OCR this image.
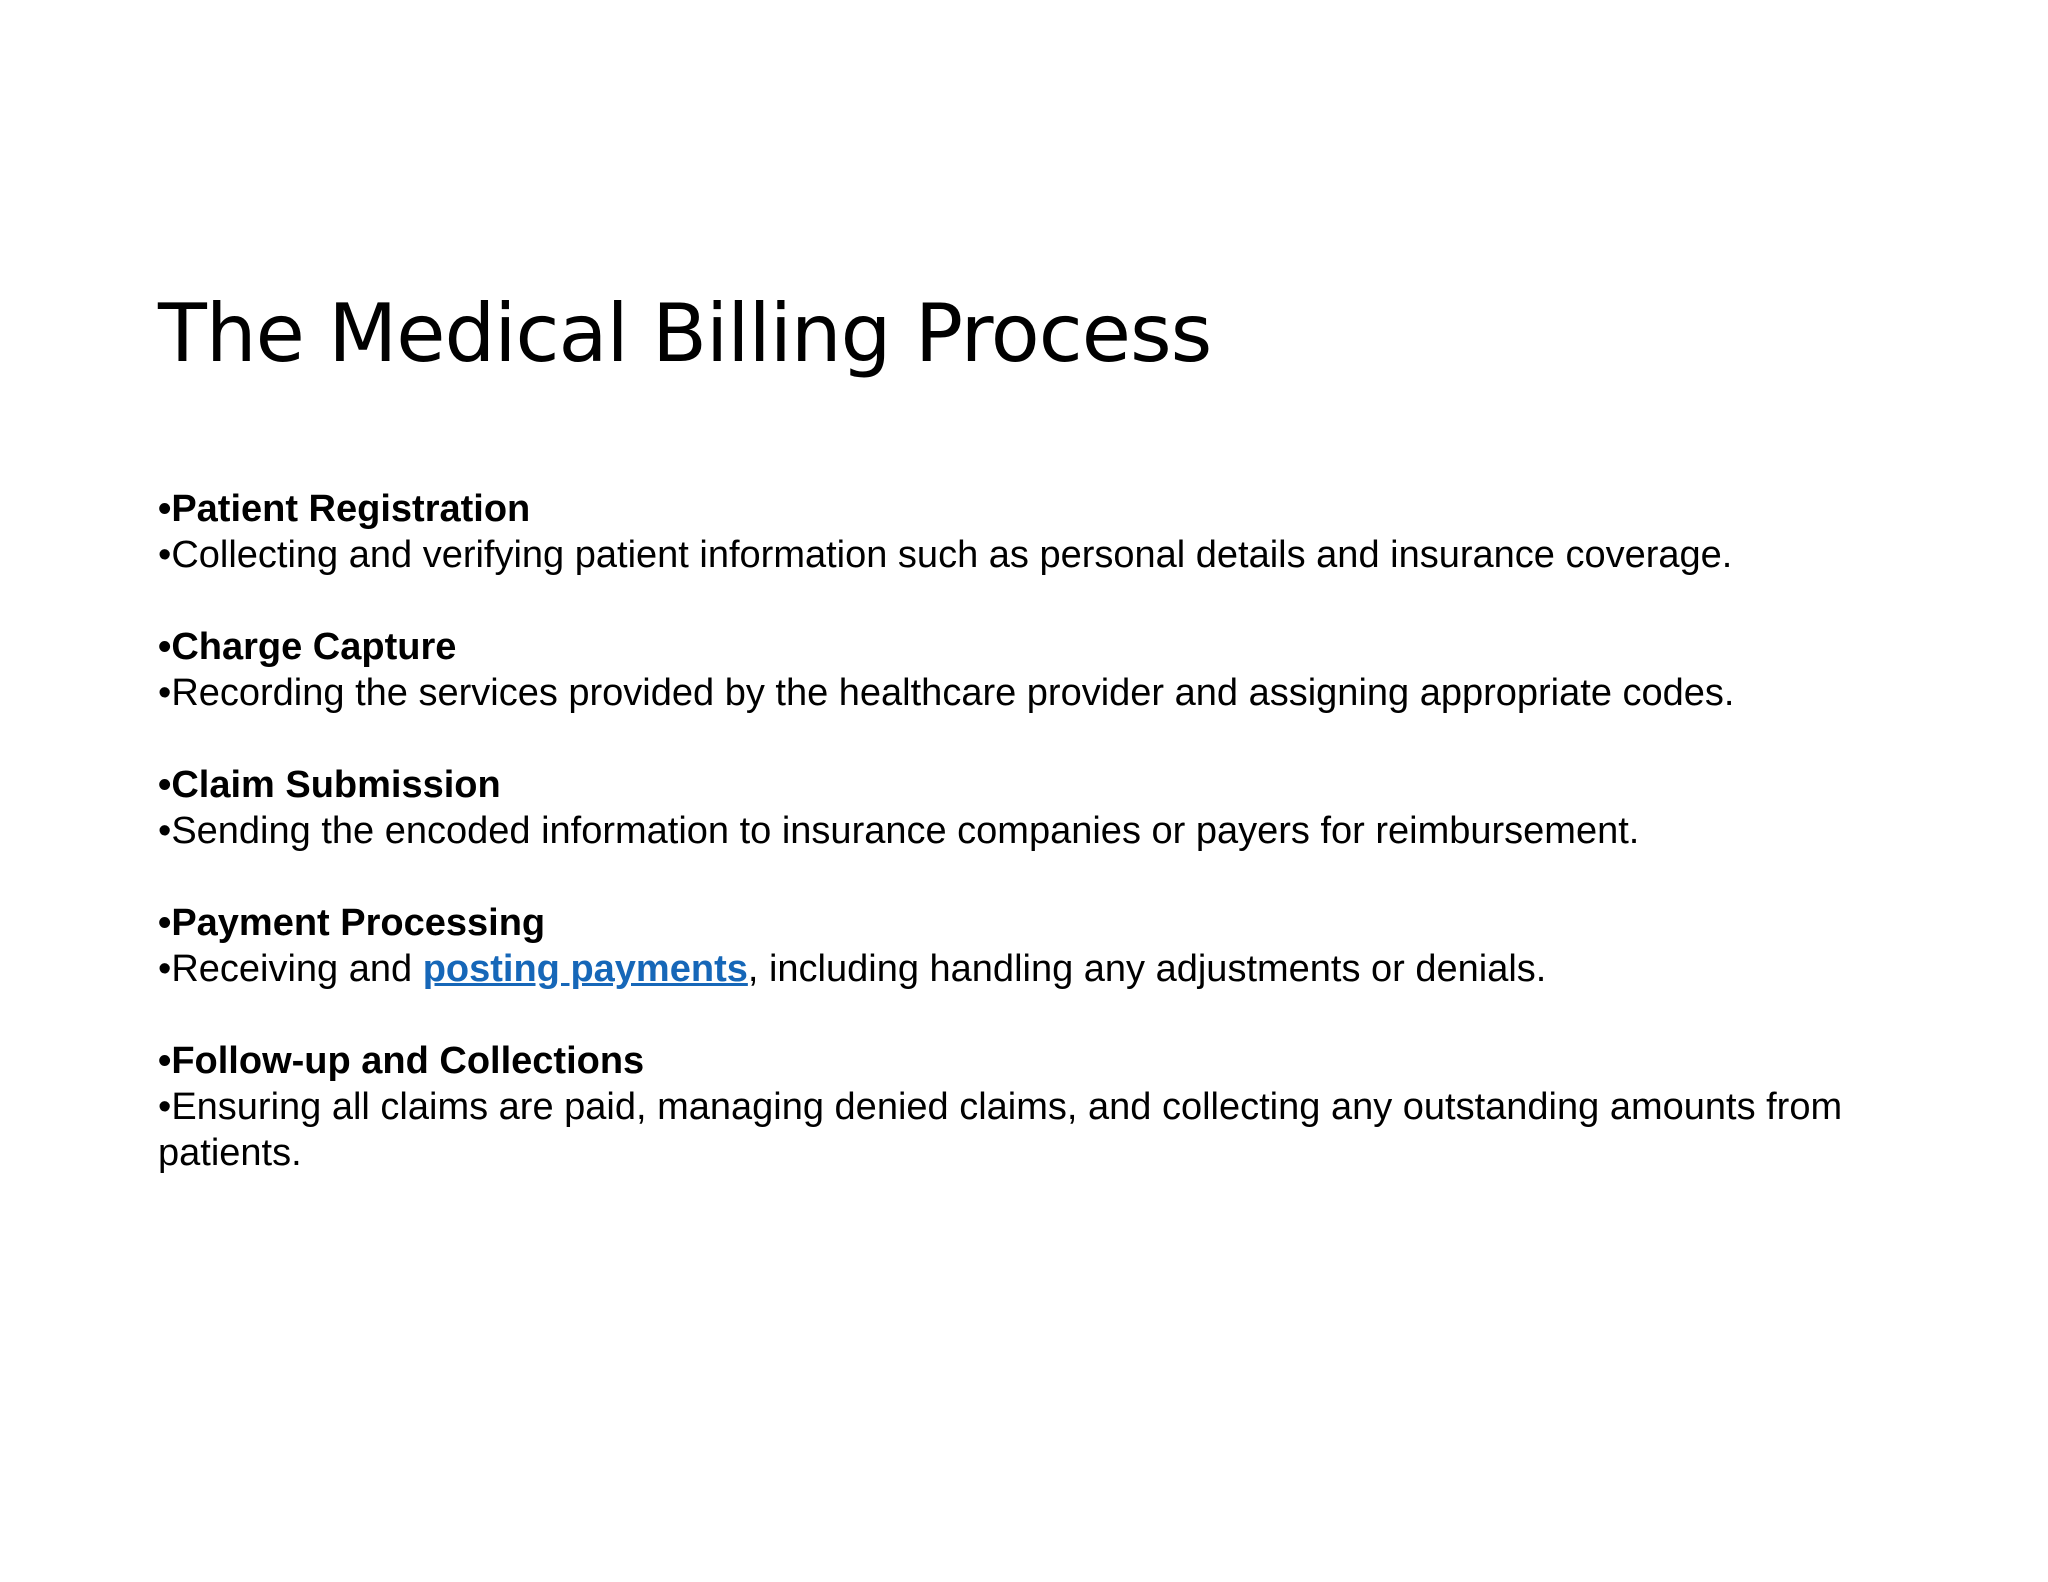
The Medical Billing Process
•Patient Registration
•Collecting and verifying patient information such as personal details and insurance coverage.
•Charge Capture
•Recording the services provided by the healthcare provider and assigning appropriate codes.
•Claim Submission
•Sending the encoded information to insurance companies or payers for reimbursement.
•Payment Processing
•Receiving and posting payments, including handling any adjustments or denials.
•Follow-up and Collections
•Ensuring all claims are paid, managing denied claims, and collecting any outstanding amounts from patients.
